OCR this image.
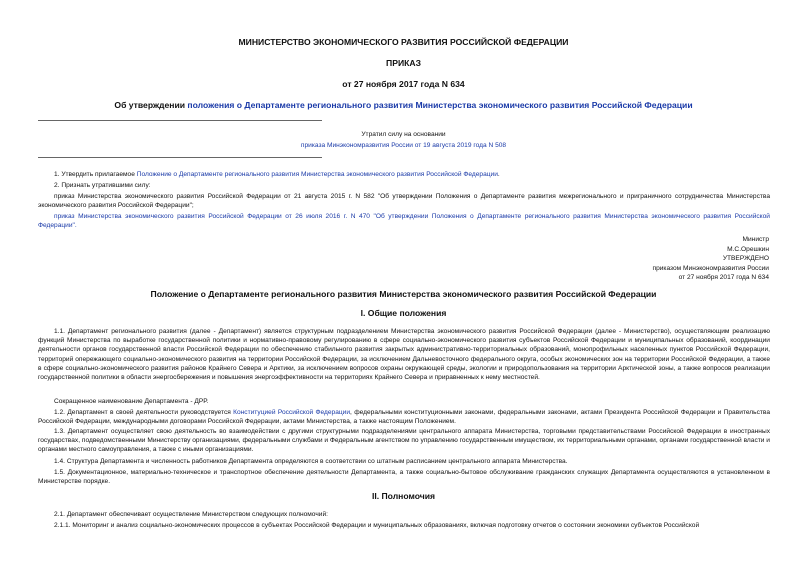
МИНИСТЕРСТВО ЭКОНОМИЧЕСКОГО РАЗВИТИЯ РОССИЙСКОЙ ФЕДЕРАЦИИ
ПРИКАЗ
от 27 ноября 2017 года N 634
Об утверждении положения о Департаменте регионального развития Министерства экономического развития Российской Федерации
Утратил силу на основании
приказа Минэкономразвития России от 19 августа 2019 года N 508
1. Утвердить прилагаемое Положение о Департаменте регионального развития Министерства экономического развития Российской Федерации.
2. Признать утратившими силу:
приказ Министерства экономического развития Российской Федерации от 21 августа 2015 г. N 582 "Об утверждении Положения о Департаменте развития межрегионального и приграничного сотрудничества Министерства экономического развития Российской Федерации";
приказ Министерства экономического развития Российской Федерации от 26 июля 2016 г. N 470 "Об утверждении Положения о Департаменте регионального развития Министерства экономического развития Российской Федерации".
Министр
М.С.Орешкин
УТВЕРЖДЕНО
приказом Минэкономразвития России
от 27 ноября 2017 года N 634
Положение о Департаменте регионального развития Министерства экономического развития Российской Федерации
I. Общие положения
1.1. Департамент регионального развития (далее - Департамент) является структурным подразделением Министерства экономического развития Российской Федерации (далее - Министерство), осуществляющим реализацию функций Министерства по выработке государственной политики и нормативно-правовому регулированию в сфере социально-экономического развития субъектов Российской Федерации и муниципальных образований, координации деятельности органов государственной власти Российской Федерации по обеспечению стабильного развития закрытых административно-территориальных образований, монопрофильных населенных пунктов Российской Федерации, территорий опережающего социально-экономического развития на территории Российской Федерации, за исключением Дальневосточного федерального округа, особых экономических зон на территории Российской Федерации, а также в сфере социально-экономического развития районов Крайнего Севера и Арктики, за исключением вопросов охраны окружающей среды, экологии и природопользования на территории Арктической зоны, а также вопросов реализации государственной политики в области энергосбережения и повышения энергоэффективности на территориях Крайнего Севера и приравненных к нему местностей.
Сокращенное наименование Департамента - ДРР.
1.2. Департамент в своей деятельности руководствуется Конституцией Российской Федерации, федеральными конституционными законами, федеральными законами, актами Президента Российской Федерации и Правительства Российской Федерации, международными договорами Российской Федерации, актами Министерства, а также настоящим Положением.
1.3. Департамент осуществляет свою деятельность во взаимодействии с другими структурными подразделениями центрального аппарата Министерства, торговыми представительствами Российской Федерации в иностранных государствах, подведомственными Министерству организациями, федеральными службами и Федеральным агентством по управлению государственным имуществом, их территориальными органами, органами государственной власти и органами местного самоуправления, а также с иными организациями.
1.4. Структура Департамента и численность работников Департамента определяются в соответствии со штатным расписанием центрального аппарата Министерства.
1.5. Документационное, материально-техническое и транспортное обеспечение деятельности Департамента, а также социально-бытовое обслуживание гражданских служащих Департамента осуществляются в установленном в Министерстве порядке.
II. Полномочия
2.1. Департамент обеспечивает осуществление Министерством следующих полномочий:
2.1.1. Мониторинг и анализ социально-экономических процессов в субъектах Российской Федерации и муниципальных образованиях, включая подготовку отчетов о состоянии экономики субъектов Российской
